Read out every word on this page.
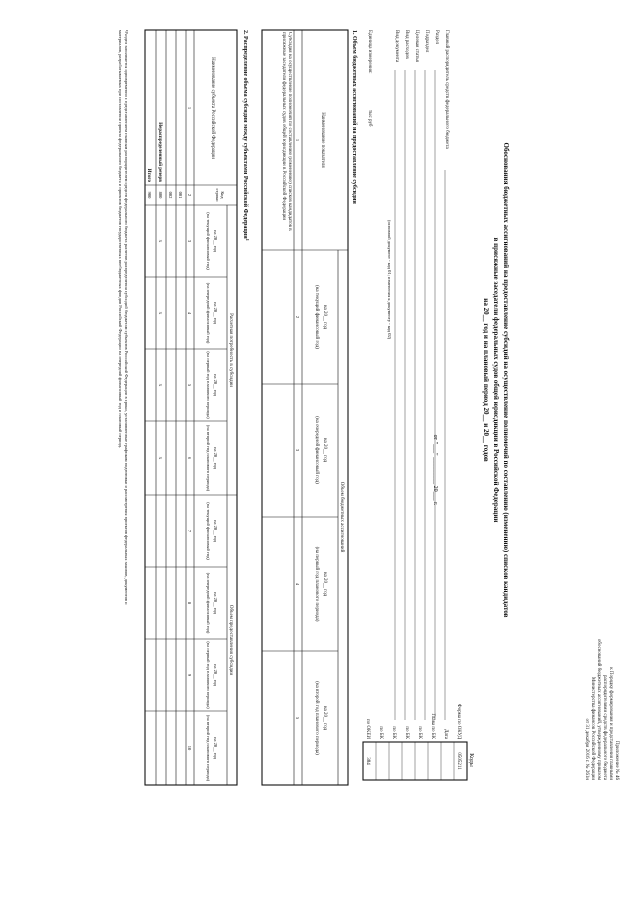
Приложение № 46
к Порядку формирования и представления главными
распорядителями средств федерального бюджета
обоснований бюджетных ассигнований, утвержденному приказом
Министерства финансов Российской Федерации
от 31 декабря 2016 г. № 261н
Обоснования бюджетных ассигнований на предоставление субсидий на осуществление полномочий по составлению (изменению) списков кандидатов
в присяжные заседатели федеральных судов общей юрисдикции в Российской Федерации
на 20__ год и на плановый период 20__ и 20__ годов
от "___" _________ 20___ г.
Коды
Форма по ОКУД
0505211
Дата
Глава по БК
по БК
по БК
по БК
по БК
по ОКЕИ
384
Главный распорядитель средств федерального бюджета
Раздел
Подраздел
Целевая статья
Вид расходов
Вид документа
(основной документ - код 01; изменения к документу - код 02)
Единица измерения:
тыс руб
1. Объем бюджетных ассигнований на предоставление субсидии
Наименование показателя
Объем бюджетных ассигнований
на 20__ год
(на текущий финансовый год)
на 20__ год
(на очередной финансовый год)
на 20__ год
(на первый год планового периода)
на 20__ год
(на второй год планового периода)
1
2
3
4
5
Субсидия на осуществление полномочий по составлению (изменению) списков кандидатов в присяжные заседатели федеральных судов общей юрисдикции в Российской Федерации
2. Распределение объема субсидии между субъектами Российской Федерации$^1$
Наименование субъекта Российской Федерации
Код строки
Расчетная потребность в субсидии
Объем предоставления субсидии
на 20__ год
(на текущий финансовый год)
на 20__ год
(на очередной финансовый год)
на 20__ год
(на первый год планового периода)
на 20__ год
(на второй год планового периода)
на 20__ год
(на текущий финансовый год)
на 20__ год
(на очередной финансовый год)
на 20__ год
(на первый год планового периода)
на 20__ год
(на второй год планового периода)
1
2
3
4
5
6
7
8
9
10
001
002
Нераспределенный резерв
800
x
x
x
x
Итого
900
¹Раздел заполняется одновременно с представлением главным распорядителем средств федерального бюджета расчетов распределения субсидий бюджетам субъектов Российской Федерации в сроки, установленные графиком подготовки и рассмотрения проектов федеральных законов, документов и
материалов, разрабатываемых при составлении проекта федерального бюджета и проектов бюджетов государственных внебюджетных фондов Российской Федерации на очередной финансовый год и плановый период.
